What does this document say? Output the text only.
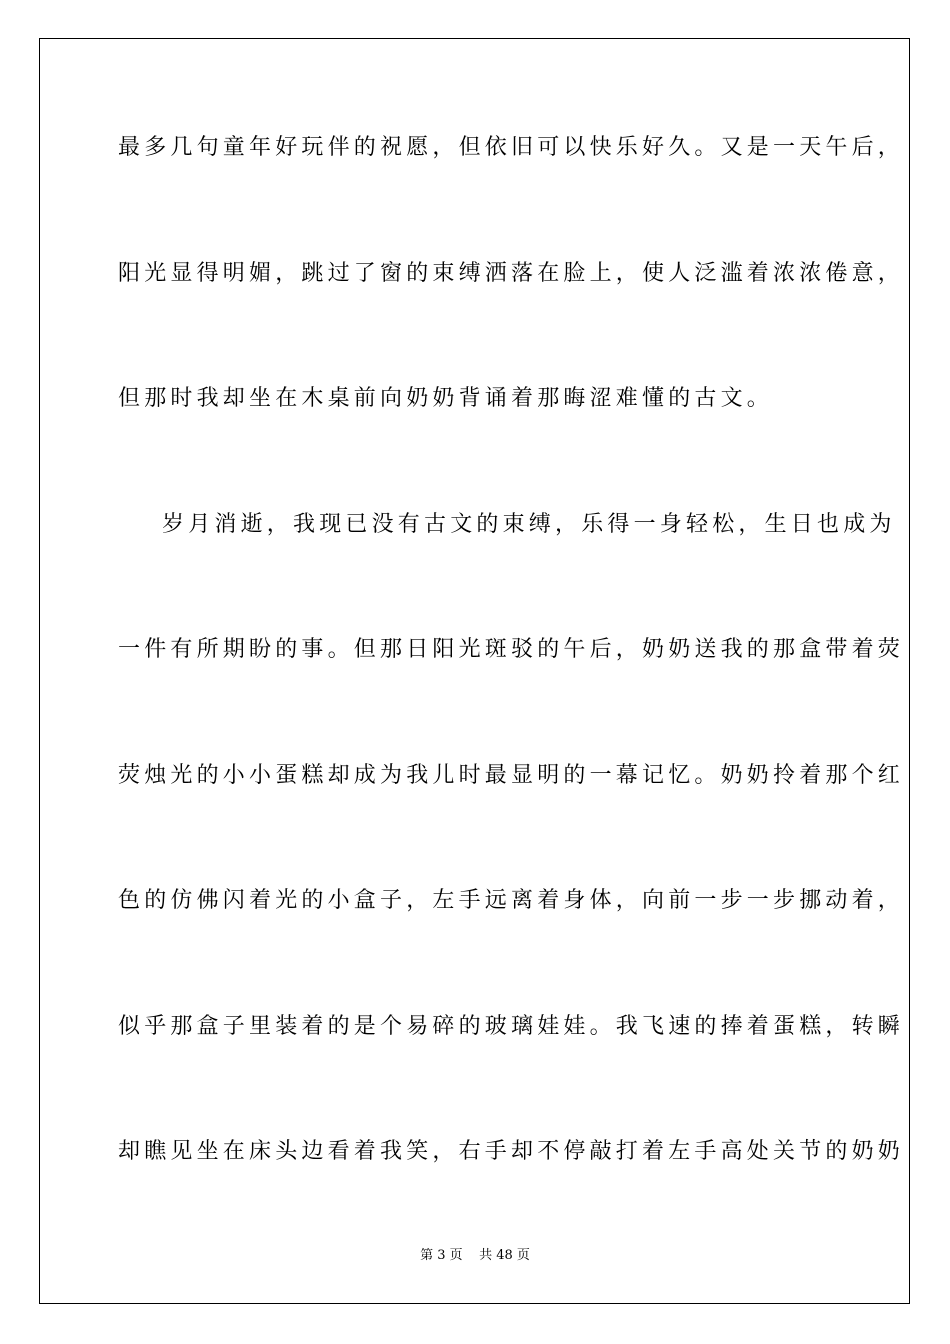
最多几句童年好玩伴的祝愿，但依旧可以快乐好久。又是一天午后，
阳光显得明媚，跳过了窗的束缚洒落在脸上，使人泛滥着浓浓倦意，
但那时我却坐在木桌前向奶奶背诵着那晦涩难懂的古文。
岁月消逝，我现已没有古文的束缚，乐得一身轻松，生日也成为
一件有所期盼的事。但那日阳光斑驳的午后，奶奶送我的那盒带着荧
荧烛光的小小蛋糕却成为我儿时最显明的一幕记忆。奶奶拎着那个红
色的仿佛闪着光的小盒子，左手远离着身体，向前一步一步挪动着，
似乎那盒子里装着的是个易碎的玻璃娃娃。我飞速的捧着蛋糕，转瞬
却瞧见坐在床头边看着我笑，右手却不停敲打着左手高处关节的奶奶
第 3 页    共 48 页
